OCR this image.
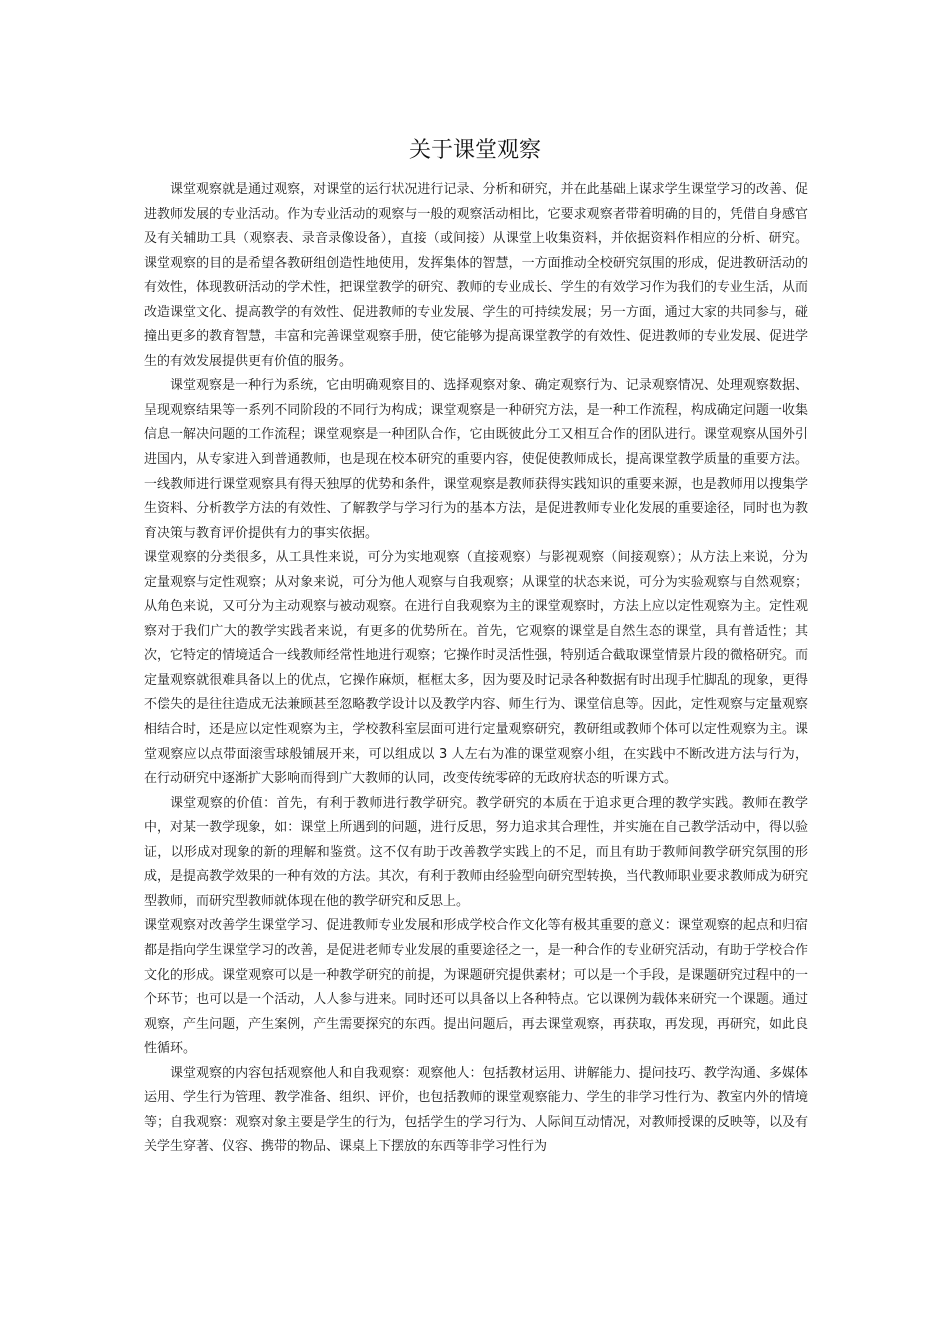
关于课堂观察

课堂观察就是通过观察，对课堂的运行状况进行记录、分析和研究，并在此基础上谋求学生课堂学习的改善、促进教师发展的专业活动。作为专业活动的观察与一般的观察活动相比，它要求观察者带着明确的目的，凭借自身感官及有关辅助工具（观察表、录音录像设备），直接（或间接）从课堂上收集资料，并依据资料作相应的分析、研究。课堂观察的目的是希望各教研组创造性地使用，发挥集体的智慧，一方面推动全校研究氛围的形成，促进教研活动的有效性，体现教研活动的学术性，把课堂教学的研究、教师的专业成长、学生的有效学习作为我们的专业生活，从而改造课堂文化、提高教学的有效性、促进教师的专业发展、学生的可持续发展；另一方面，通过大家的共同参与，碰撞出更多的教育智慧，丰富和完善课堂观察手册，使它能够为提高课堂教学的有效性、促进教师的专业发展、促进学生的有效发展提供更有价值的服务。

课堂观察是一种行为系统，它由明确观察目的、选择观察对象、确定观察行为、记录观察情况、处理观察数据、呈现观察结果等一系列不同阶段的不同行为构成；课堂观察是一种研究方法，是一种工作流程，构成确定问题一收集信息一解决问题的工作流程；课堂观察是一种团队合作，它由既彼此分工又相互合作的团队进行。课堂观察从国外引进国内，从专家进入到普通教师，也是现在校本研究的重要内容，使促使教师成长，提高课堂教学质量的重要方法。一线教师进行课堂观察具有得天独厚的优势和条件，课堂观察是教师获得实践知识的重要来源，也是教师用以搜集学生资料、分析教学方法的有效性、了解教学与学习行为的基本方法，是促进教师专业化发展的重要途径，同时也为教育决策与教育评价提供有力的事实依据。

课堂观察的分类很多，从工具性来说，可分为实地观察（直接观察）与影视观察（间接观察）；从方法上来说，分为定量观察与定性观察；从对象来说，可分为他人观察与自我观察；从课堂的状态来说，可分为实验观察与自然观察；从角色来说，又可分为主动观察与被动观察。在进行自我观察为主的课堂观察时，方法上应以定性观察为主。定性观察对于我们广大的教学实践者来说，有更多的优势所在。首先，它观察的课堂是自然生态的课堂，具有普适性；其次，它特定的情境适合一线教师经常性地进行观察；它操作时灵活性强，特别适合截取课堂情景片段的微格研究。而定量观察就很难具备以上的优点，它操作麻烦，框框太多，因为要及时记录各种数据有时出现手忙脚乱的现象，更得不偿失的是往往造成无法兼顾甚至忽略教学设计以及教学内容、师生行为、课堂信息等。因此，定性观察与定量观察相结合时，还是应以定性观察为主，学校教科室层面可进行定量观察研究，教研组或教师个体可以定性观察为主。课堂观察应以点带面滚雪球般铺展开来，可以组成以 3 人左右为准的课堂观察小组，在实践中不断改进方法与行为，在行动研究中逐渐扩大影响而得到广大教师的认同，改变传统零碎的无政府状态的听课方式。

课堂观察的价值：首先，有利于教师进行教学研究。教学研究的本质在于追求更合理的教学实践。教师在教学中，对某一教学现象，如：课堂上所遇到的问题，进行反思，努力追求其合理性，并实施在自己教学活动中，得以验证，以形成对现象的新的理解和鉴赏。这不仅有助于改善教学实践上的不足，而且有助于教师间教学研究氛围的形成，是提高教学效果的一种有效的方法。其次，有利于教师由经验型向研究型转换，当代教师职业要求教师成为研究型教师，而研究型教师就体现在他的教学研究和反思上。

课堂观察对改善学生课堂学习、促进教师专业发展和形成学校合作文化等有极其重要的意义：课堂观察的起点和归宿都是指向学生课堂学习的改善，是促进老师专业发展的重要途径之一，是一种合作的专业研究活动，有助于学校合作文化的形成。课堂观察可以是一种教学研究的前提，为课题研究提供素材；可以是一个手段，是课题研究过程中的一个环节；也可以是一个活动，人人参与进来。同时还可以具备以上各种特点。它以课例为载体来研究一个课题。通过观察，产生问题，产生案例，产生需要探究的东西。提出问题后，再去课堂观察，再获取，再发现，再研究，如此良性循环。

课堂观察的内容包括观察他人和自我观察：观察他人：包括教材运用、讲解能力、提问技巧、教学沟通、多媒体运用、学生行为管理、教学准备、组织、评价，也包括教师的课堂观察能力、学生的非学习性行为、教室内外的情境等；自我观察：观察对象主要是学生的行为，包括学生的学习行为、人际间互动情况，对教师授课的反映等，以及有关学生穿著、仪容、携带的物品、课桌上下摆放的东西等非学习性行为
